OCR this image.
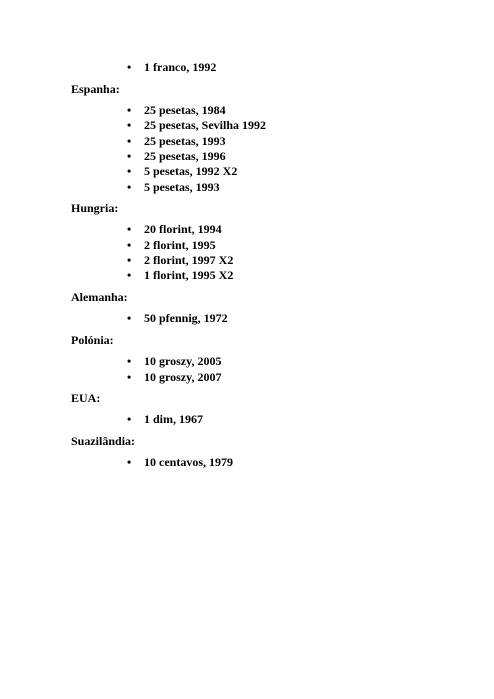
• 1 franco, 1992
Espanha:
• 25 pesetas, 1984
• 25 pesetas, Sevilha 1992
• 25 pesetas, 1993
• 25 pesetas, 1996
• 5 pesetas, 1992 X2
• 5 pesetas, 1993
Hungria:
• 20 florint, 1994
• 2 florint, 1995
• 2 florint, 1997 X2
• 1 florint, 1995 X2
Alemanha:
• 50 pfennig, 1972
Polónia:
• 10 groszy, 2005
• 10 groszy, 2007
EUA:
• 1 dim, 1967
Suazilândia:
• 10 centavos, 1979
